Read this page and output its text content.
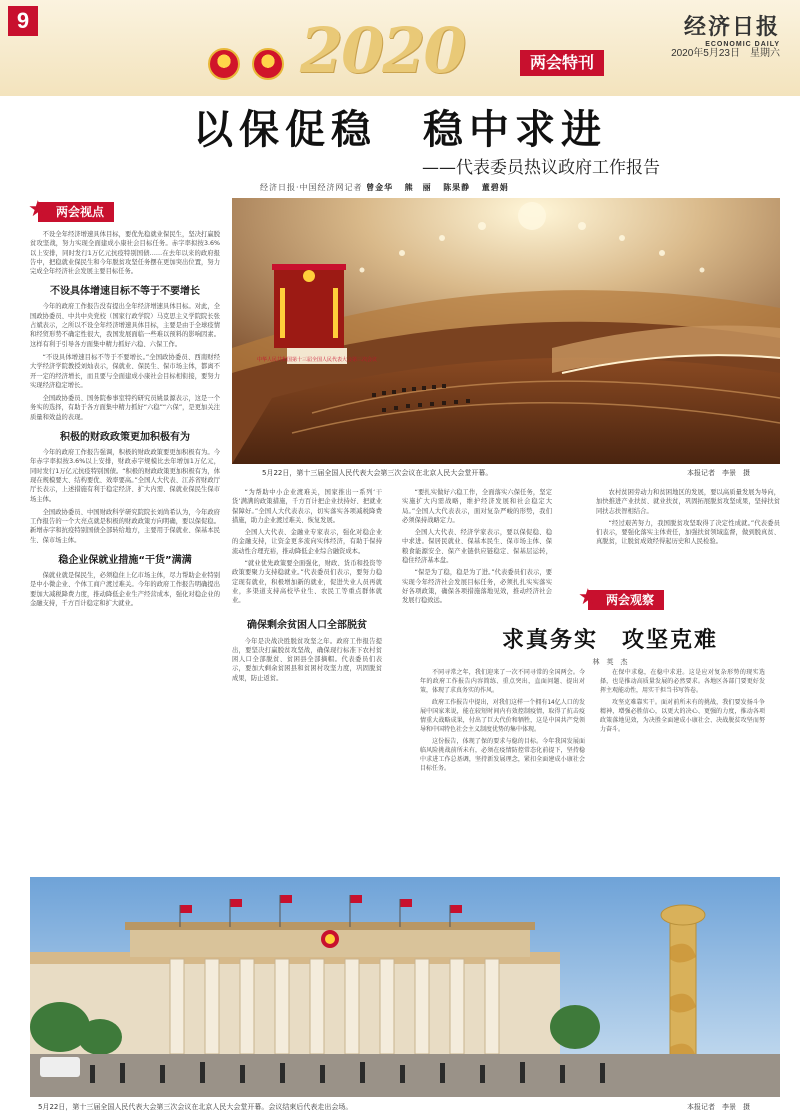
9	2020	两会特刊
经济日报
ECONOMIC DAILY
2020年5月23日　星期六
以保促稳　稳中求进
——代表委员热议政府工作报告
经济日报·中国经济网记者 曾金华 熊　丽 陈果静 董碧娟
★ 两会视点

不设全年经济增速具体目标，要优先稳就业保民生，坚决打赢脱贫攻坚战，努力实现全面建成小康社会目标任务。赤字率拟按3.6%以上安排，同时发行1万亿元抗疫特别国债……在去年以来的政府报告中，把稳就业保民生和今年脱贫攻坚任务摆在更加突出位置，努力完成全年经济社会发展主要目标任务。

不设具体增速目标不等于不要增长

今年的政府工作报告没有提出全年经济增速具体目标。对此，全国政协委员、中共中央党校（国家行政学院）马克思主义学院院长张占斌表示，之所以不设全年经济增速具体目标，主要是由于全球疫情和经贸形势不确定性很大，我国发展面临一些难以预料的影响因素。这样有利于引导各方面集中精力抓好六稳、六保工作。

“不设具体增速目标不等于不要增长。”全国政协委员、西南财经大学经济学院教授刘灿表示，保就业、保民生、保市场主体，都离不开一定的经济增长，而且要与全面建成小康社会目标相衔接，要努力实现经济稳定增长。

全国政协委员、国务院参事室特约研究员姚景源表示，这是一个务实的选择，有助于各方面集中精力抓好“六稳”“六保”，是更加关注质量和效益的表现。

积极的财政政策更加积极有为

今年的政府工作报告强调，积极的财政政策要更加积极有为。今年赤字率拟按3.6%以上安排，财政赤字规模比去年增加1万亿元，同时发行1万亿元抗疫特别国债。“积极的财政政策更加积极有为，体现在规模要大、结构要优、效率要高。”全国人大代表、江苏省财政厅厅长表示，上述措施有利于稳定经济、扩大内需、保就业保民生保市场主体。

全国政协委员、中国财政科学研究院院长刘尚希认为，今年政府工作报告的一个大亮点就是积极的财政政策方向明确，要以保促稳。新增赤字和抗疫特别国债全部转给地方，主要用于保就业、保基本民生、保市场主体。

稳企业保就业措施“干货”满满

保就业就是保民生，必须稳住上亿市场主体，尽力帮助企业特别是中小微企业、个体工商户渡过难关。今年的政府工作报告明确提出要加大减税降费力度，推动降低企业生产经营成本，强化对稳企业的金融支持，千方百计稳定和扩大就业。

中华人民共和国第十三届全国人民代表大会第三次会议
5月22日，第十三届全国人民代表大会第三次会议在北京人民大会堂开幕。	本报记者　李景　摄

“为帮助中小企业渡难关，国家推出一系列‘干货’满满的政策措施，千方百计把企业扶持好、把就业保障好。”全国人大代表表示，切实落实各项减税降费措施，助力企业渡过难关、恢复发展。

全国人大代表、金融业专家表示，强化对稳企业的金融支持，让资金更多流向实体经济，有助于保持流动性合理充裕，推动降低企业综合融资成本。

“就业优先政策要全面强化，财政、货币和投资等政策要聚力支持稳就业。”代表委员们表示，要努力稳定现有就业，积极增加新的就业，促进失业人员再就业，多渠道支持高校毕业生、农民工等重点群体就业。

确保剩余贫困人口全部脱贫

今年是决战决胜脱贫攻坚之年。政府工作报告提出，要坚决打赢脱贫攻坚战，确保现行标准下农村贫困人口全部脱贫、贫困县全部摘帽。代表委员们表示，要加大剩余贫困县和贫困村攻坚力度，巩固脱贫成果，防止返贫。

“要扎实做好六稳工作，全面落实六保任务，坚定实施扩大内需战略，维护经济发展和社会稳定大局。”全国人大代表表示，面对复杂严峻的形势，我们必须保持战略定力。

全国人大代表、经济学家表示，要以保促稳、稳中求进。保居民就业、保基本民生、保市场主体、保粮食能源安全、保产业链供应链稳定、保基层运转，稳住经济基本盘。

“保是为了稳，稳是为了进。”代表委员们表示，要实现今年经济社会发展目标任务，必须扎扎实实落实好各项政策，确保各项措施落地见效，推动经济社会发展行稳致远。

农村贫困劳动力和贫困地区的发展，要以高质量发展为导向，加快推进产业扶贫、就业扶贫，巩固拓展脱贫攻坚成果，坚持扶贫同扶志扶智相结合。

“经过艰苦努力，我国脱贫攻坚取得了决定性成就。”代表委员们表示，要强化落实主体责任，加强扶贫领域监督，做到脱真贫、真脱贫，让脱贫成效经得起历史和人民检验。

★ 两会观察
求真务实　攻坚克难
林　英　杰

不同寻常之年，我们迎来了一次不同寻常的全国两会。今年的政府工作报告内容简练、重点突出，直面问题、提出对策，体现了求真务实的作风。

政府工作报告中提出，对我们这样一个拥有14亿人口的发展中国家来说，能在较短时间内有效控制疫情，取得了抗击疫情重大战略成果，付出了巨大代价和牺牲，这是中国共产党领导和中国特色社会主义制度优势的集中体现。

这份报告，体现了保的要求与稳的目标。今年我国发展面临风险挑战前所未有，必须在疫情防控常态化前提下，坚持稳中求进工作总基调，坚持新发展理念，紧扣全面建成小康社会目标任务。

在保中求稳，在稳中求进。这是应对复杂形势的现实选择，也是推动高质量发展的必然要求。各地区各部门要更好发挥主观能动性，用实干担当书写答卷。

攻坚克难靠实干。面对前所未有的挑战，我们要发扬斗争精神，增强必胜信心，以更大的决心、更强的力度，推动各项政策落地见效，为决胜全面建成小康社会、决战脱贫攻坚而努力奋斗。

5月22日，第十三届全国人民代表大会第三次会议在北京人民大会堂开幕。会议结束后代表走出会场。	本报记者　李景　摄
